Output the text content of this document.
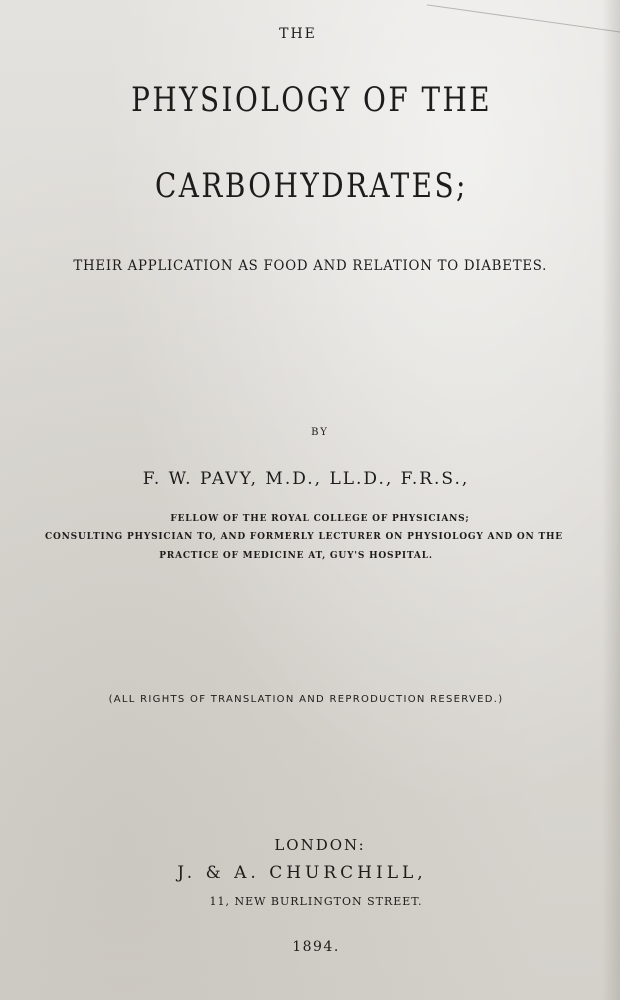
THE
PHYSIOLOGY OF THE
CARBOHYDRATES;
THEIR APPLICATION AS FOOD AND RELATION TO DIABETES.
BY
F. W. PAVY, M.D., LL.D., F.R.S.,
FELLOW OF THE ROYAL COLLEGE OF PHYSICIANS;
CONSULTING PHYSICIAN TO, AND FORMERLY LECTURER ON PHYSIOLOGY AND ON THE
PRACTICE OF MEDICINE AT, GUY'S HOSPITAL.
(ALL RIGHTS OF TRANSLATION AND REPRODUCTION RESERVED.)
LONDON:
J. & A. CHURCHILL,
11, NEW BURLINGTON STREET.
1894.
